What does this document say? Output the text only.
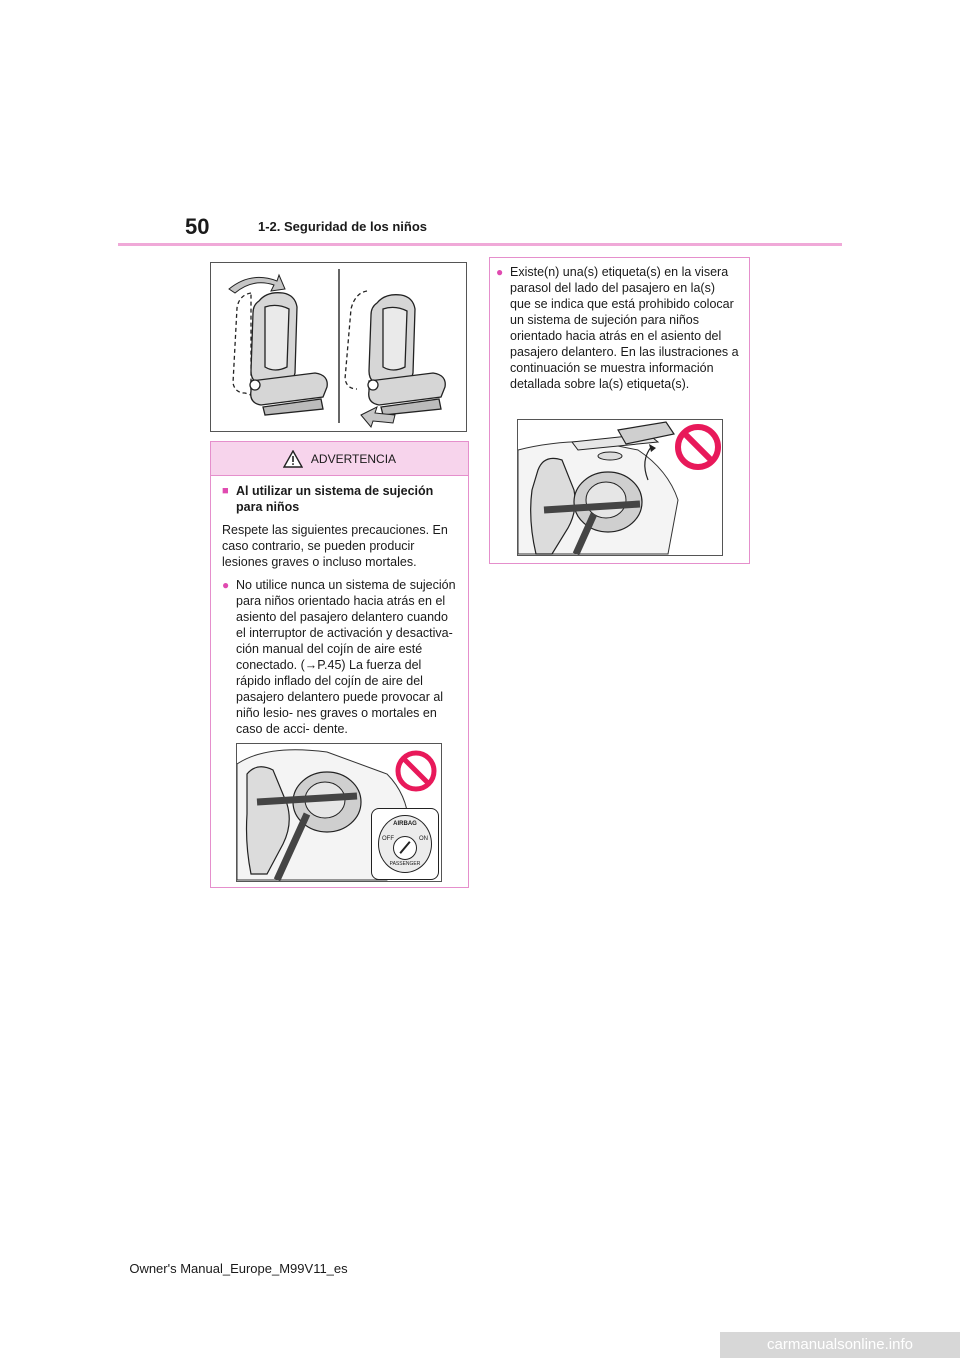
50	1-2. Seguridad de los niños
ADVERTENCIA
■ Al utilizar un sistema de sujeción para niños
Respete las siguientes precauciones. En caso contrario, se pueden producir lesiones graves o incluso mortales.
● No utilice nunca un sistema de sujeción para niños orientado hacia atrás en el asiento del pasajero delantero cuando el interruptor de activación y desactiva- ción manual del cojín de aire esté conectado. (→P.45) La fuerza del rápido inflado del cojín de aire del pasajero delantero puede provocar al niño lesio- nes graves o mortales en caso de acci- dente.
AIRBAG
OFF	ON
PASSENGER
● Existe(n) una(s) etiqueta(s) en la visera parasol del lado del pasajero en la(s) que se indica que está prohibido colocar un sistema de sujeción para niños orientado hacia atrás en el asiento del pasajero delantero. En las ilustraciones a continuación se muestra información detallada sobre la(s) etiqueta(s).
Owner's Manual_Europe_M99V11_es
carmanualsonline.info
